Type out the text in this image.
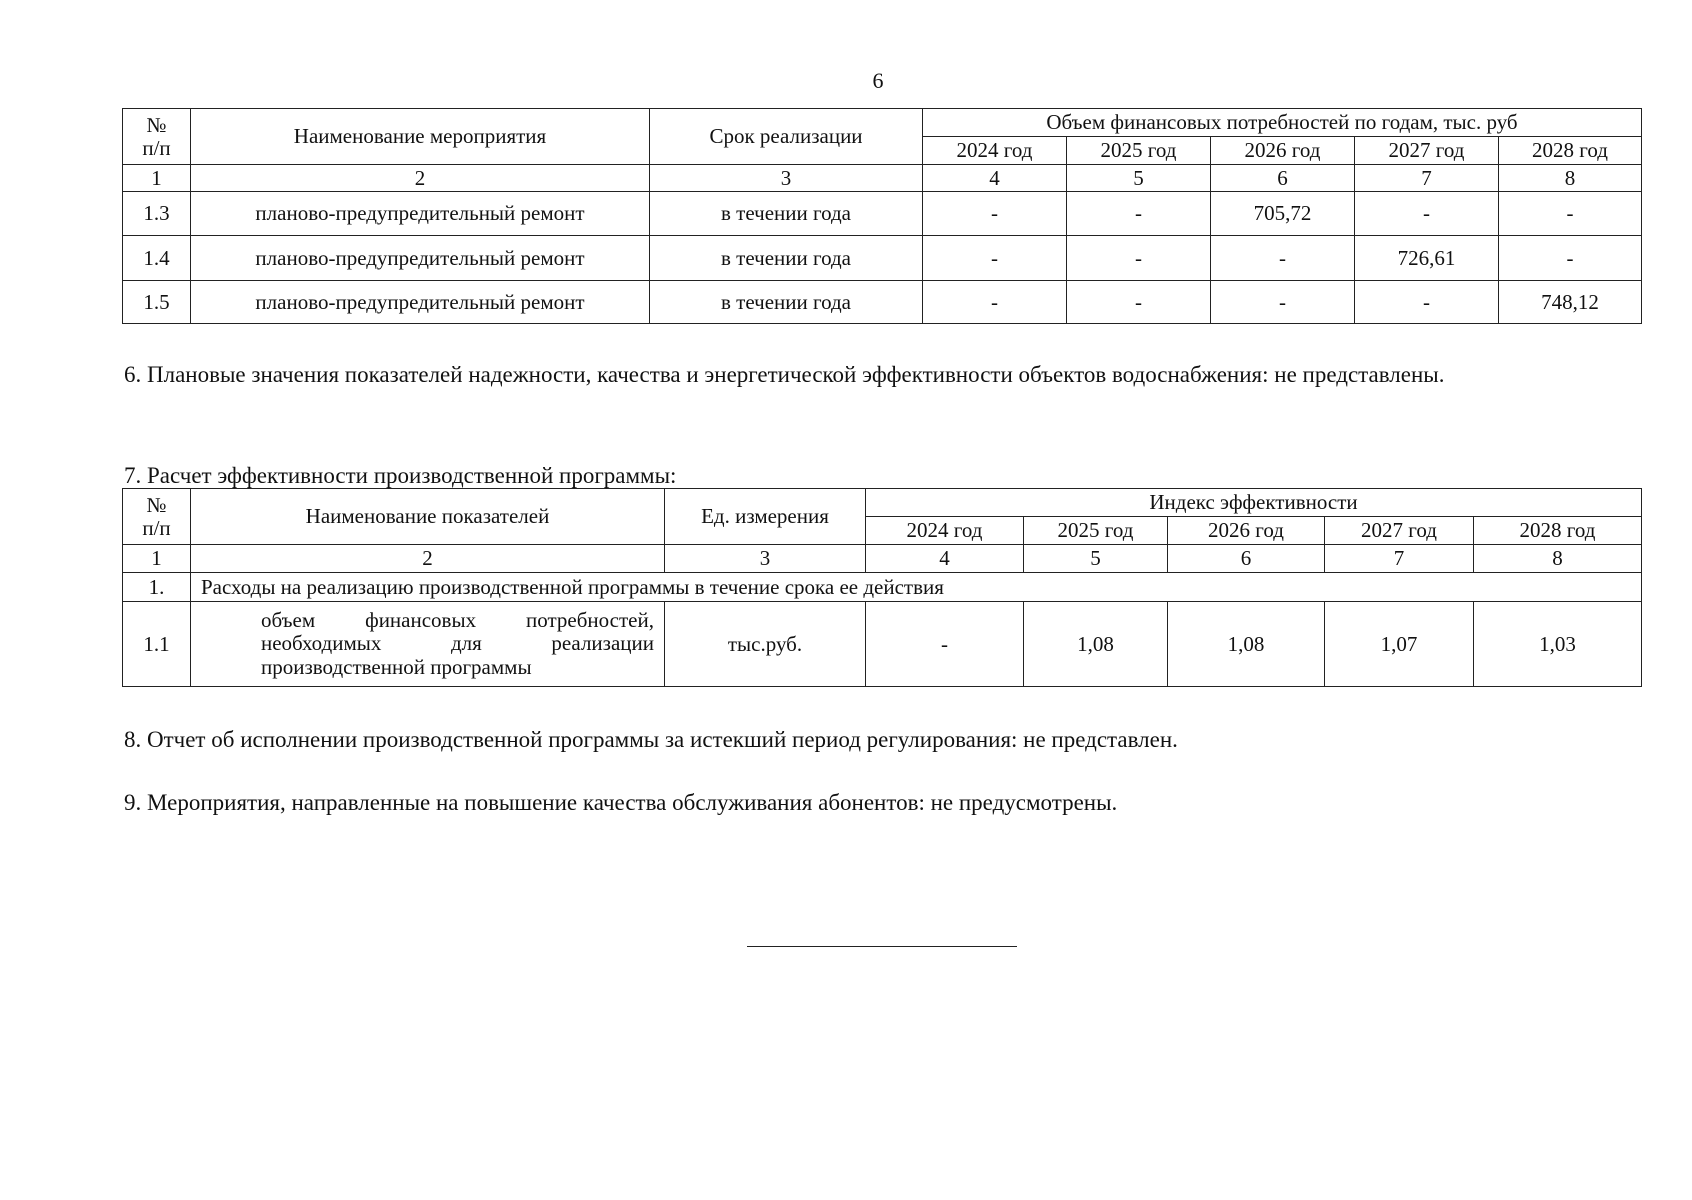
6
№ п/п	Наименование мероприятия	Срок реализации	Объем финансовых потребностей по годам, тыс. руб				
			2024 год	2025 год	2026 год	2027 год	2028 год
1	2	3	4	5	6	7	8
1.3	планово-предупредительный ремонт	в течении года	-	-	705,72	-	-
1.4	планово-предупредительный ремонт	в течении года	-	-	-	726,61	-
1.5	планово-предупредительный ремонт	в течении года	-	-	-	-	748,12
6. Плановые значения показателей надежности, качества и энергетической эффективности объектов водоснабжения: не представлены.
7. Расчет эффективности производственной программы:
№ п/п	Наименование показателей	Ед. измерения	Индекс эффективности				
			2024 год	2025 год	2026 год	2027 год	2028 год
1	2	3	4	5	6	7	8
1.	Расходы на реализацию производственной программы в течение срока ее действия						
1.1	объем финансовых потребностей, необходимых для реализации производственной программы	тыс.руб.	-	1,08	1,08	1,07	1,03
8. Отчет об исполнении производственной программы за истекший период регулирования: не представлен.
9. Мероприятия, направленные на повышение качества обслуживания абонентов: не предусмотрены.
